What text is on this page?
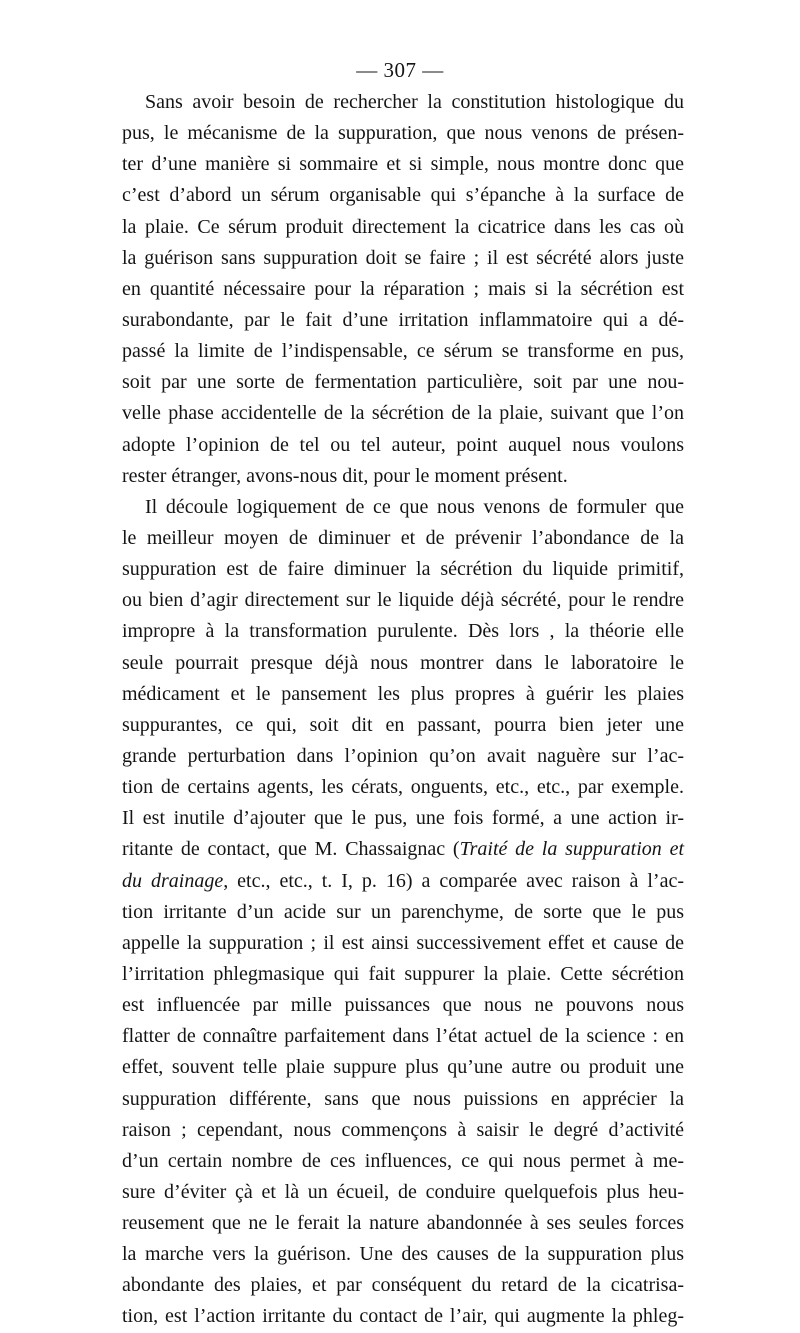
— 307 —

Sans avoir besoin de rechercher la constitution histologique du
pus, le mécanisme de la suppuration, que nous venons de présen-
ter d’une manière si sommaire et si simple, nous montre donc que
c’est d’abord un sérum organisable qui s’épanche à la surface de
la plaie. Ce sérum produit directement la cicatrice dans les cas où
la guérison sans suppuration doit se faire ; il est sécrété alors juste
en quantité nécessaire pour la réparation ; mais si la sécrétion est
surabondante, par le fait d’une irritation inflammatoire qui a dé-
passé la limite de l’indispensable, ce sérum se transforme en pus,
soit par une sorte de fermentation particulière, soit par une nou-
velle phase accidentelle de la sécrétion de la plaie, suivant que l’on
adopte l’opinion de tel ou tel auteur, point auquel nous voulons
rester étranger, avons-nous dit, pour le moment présent.

Il découle logiquement de ce que nous venons de formuler que
le meilleur moyen de diminuer et de prévenir l’abondance de la
suppuration est de faire diminuer la sécrétion du liquide primitif,
ou bien d’agir directement sur le liquide déjà sécrété, pour le rendre
impropre à la transformation purulente. Dès lors , la théorie elle
seule pourrait presque déjà nous montrer dans le laboratoire le
médicament et le pansement les plus propres à guérir les plaies
suppurantes, ce qui, soit dit en passant, pourra bien jeter une
grande perturbation dans l’opinion qu’on avait naguère sur l’ac-
tion de certains agents, les cérats, onguents, etc., etc., par exemple.
Il est inutile d’ajouter que le pus, une fois formé, a une action ir-
ritante de contact, que M. Chassaignac (Traité de la suppuration et
du drainage, etc., etc., t. I, p. 16) a comparée avec raison à l’ac-
tion irritante d’un acide sur un parenchyme, de sorte que le pus
appelle la suppuration ; il est ainsi successivement effet et cause de
l’irritation phlegmasique qui fait suppurer la plaie. Cette sécrétion
est influencée par mille puissances que nous ne pouvons nous
flatter de connaître parfaitement dans l’état actuel de la science : en
effet, souvent telle plaie suppure plus qu’une autre ou produit une
suppuration différente, sans que nous puissions en apprécier la
raison ; cependant, nous commençons à saisir le degré d’activité
d’un certain nombre de ces influences, ce qui nous permet à me-
sure d’éviter çà et là un écueil, de conduire quelquefois plus heu-
reusement que ne le ferait la nature abandonnée à ses seules forces
la marche vers la guérison. Une des causes de la suppuration plus
abondante des plaies, et par conséquent du retard de la cicatrisa-
tion, est l’action irritante du contact de l’air, qui augmente la phleg-
